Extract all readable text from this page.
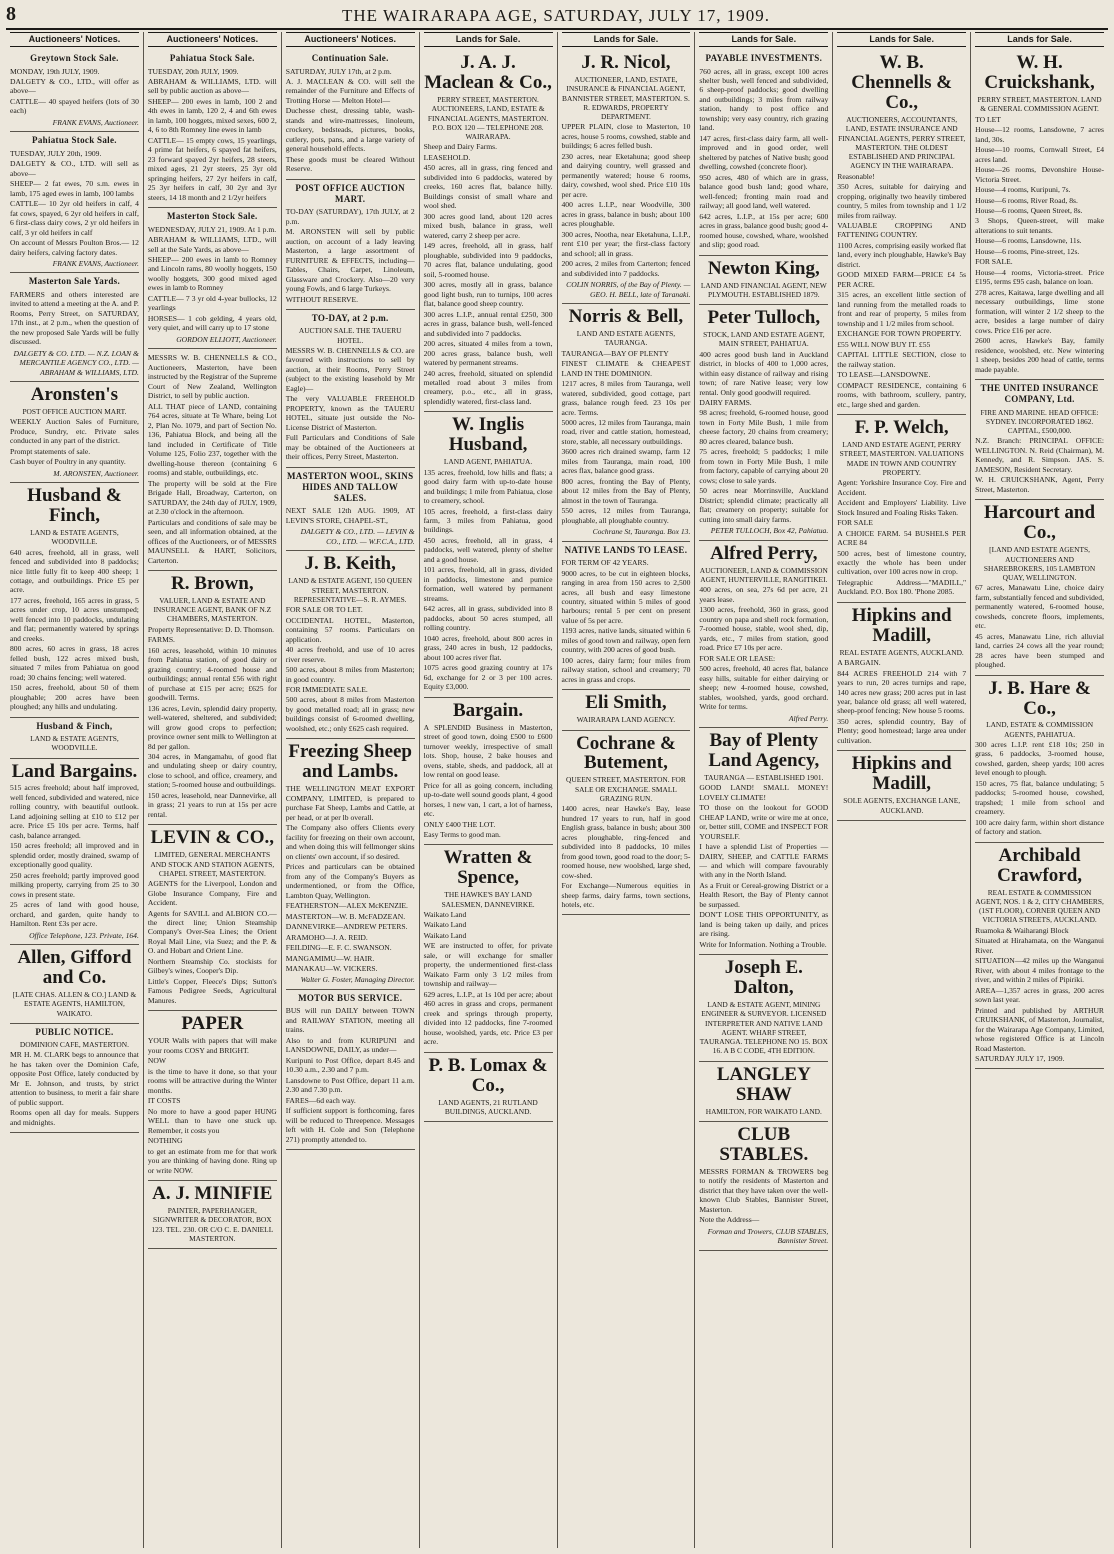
8	THE WAIRARAPA AGE, SATURDAY, JULY 17, 1909.
Auctioneers' Notices.
Greytown Stock Sale.

MONDAY, 19th JULY, 1909.

DALGETY & CO., LTD., will offer as above—

CATTLE— 40 spayed heifers (lots of 30 each)

FRANK EVANS, Auctioneer.
Pahiatua Stock Sale.

TUESDAY, JULY 20th, 1909.

DALGETY & CO., LTD. will sell as above—

SHEEP— 2 fat ewes, 70 s.m. ewes in lamb, 175 aged ewes in lamb, 100 lambs

CATTLE— 10 2yr old heifers in calf, 4 fat cows, spayed, 6 2yr old heifers in calf, 6 first-class dairy cows, 2 yr old heifers in calf, 3 yr old heifers in calf

On account of Messrs Poulton Bros.— 12 dairy heifers, calving factory dates.

FRANK EVANS, Auctioneer.
Masterton Sale Yards.

FARMERS and others interested are invited to attend a meeting at the A. and P. Rooms, Perry Street, on SATURDAY, 17th inst., at 2 p.m., when the question of the new proposed Sale Yards will be fully discussed.

DALGETY & CO. LTD. — N.Z. LOAN & MERCANTILE AGENCY CO., LTD. — ABRAHAM & WILLIAMS, LTD.
Aronsten's
POST OFFICE AUCTION MART.

WEEKLY Auction Sales of Furniture, Produce, Sundry, etc. Private sales conducted in any part of the district.

Prompt statements of sale.

Cash buyer of Poultry in any quantity.

M. ARONSTEN, Auctioneer.
Husband & Finch,
LAND & ESTATE AGENTS, WOODVILLE.

640 acres, freehold, all in grass, well fenced and subdivided into 8 paddocks; nice little fully fit to keep 400 sheep; 1 cottage, and outbuildings. Price £5 per acre.

177 acres, freehold, 165 acres in grass, 5 acres under crop, 10 acres unstumped; well fenced into 10 paddocks, undulating and flat; permanently watered by springs and creeks.

800 acres, 60 acres in grass, 18 acres felled bush, 122 acres mixed bush, situated 7 miles from Pahiatua on good road; 30 chains fencing; well watered.

150 acres, freehold, about 50 of them ploughable; 200 acres have been ploughed; any hills and undulating.

Husband & Finch,
LAND & ESTATE AGENTS, WOODVILLE.
Land Bargains.

515 acres freehold; about half improved, well fenced, subdivided and watered, nice rolling country, with beautiful outlook. Land adjoining selling at £10 to £12 per acre. Price £5 10s per acre. Terms, half cash, balance arranged.

150 acres freehold; all improved and in splendid order, mostly drained, swamp of exceptionally good quality.

250 acres freehold; partly improved good milking property, carrying from 25 to 30 cows in present state.

25 acres of land with good house, orchard, and garden, quite handy to Hamilton. Rent £3s per acre.

Office Telephone, 123. Private, 164.
Allen, Gifford and Co.
[LATE CHAS. ALLEN & CO.] LAND & ESTATE AGENTS, HAMILTON, WAIKATO.
PUBLIC NOTICE.
DOMINION CAFE, MASTERTON.

MR H. M. CLARK begs to announce that he has taken over the Dominion Cafe, opposite Post Office, lately conducted by Mr E. Johnson, and trusts, by strict attention to business, to merit a fair share of public support.

Rooms open all day for meals. Suppers and midnights.

Auctioneers' Notices.
Pahiatua Stock Sale.

TUESDAY, 20th JULY, 1909.

ABRAHAM & WILLIAMS, LTD. will sell by public auction as above—

SHEEP— 200 ewes in lamb, 100 2 and 4th ewes in lamb, 120 2, 4 and 6th ewes in lamb, 100 hoggets, mixed sexes, 600 2, 4, 6 to 8th Romney line ewes in lamb

CATTLE— 15 empty cows, 15 yearlings, 4 prime fat heifers, 6 spayed fat heifers, 23 forward spayed 2yr heifers, 28 steers, mixed ages, 21 2yr steers, 25 3yr old springing heifers, 27 2yr heifers in calf, 25 3yr heifers in calf, 30 2yr and 3yr steers, 14 18 month and 2 1/2yr heifers

Masterton Stock Sale.

WEDNESDAY, JULY 21, 1909. At 1 p.m.

ABRAHAM & WILLIAMS, LTD., will sell at the Sale Yards, as above—

SHEEP— 200 ewes in lamb to Romney and Lincoln rams, 80 woolly hoggets, 150 woolly hoggets, 300 good mixed aged ewes in lamb to Romney

CATTLE— 7 3 yr old 4-year bullocks, 12 yearlings

HORSES— 1 cob gelding, 4 years old, very quiet, and will carry up to 17 stone

GORDON ELLIOTT, Auctioneer.

MESSRS W. B. CHENNELLS & CO., Auctioneers, Masterton, have been instructed by the Registrar of the Supreme Court of New Zealand, Wellington District, to sell by public auction.

ALL THAT piece of LAND, containing 764 acres, situate at Te Whare, being Lot 2, Plan No. 1079, and part of Section No. 136, Pahiatua Block, and being all the land included in Certificate of Title Volume 125, Folio 237, together with the dwelling-house thereon (containing 6 rooms) and stable, outbuildings, etc.

The property will be sold at the Fire Brigade Hall, Broadway, Carterton, on SATURDAY, the 24th day of JULY, 1909, at 2.30 o'clock in the afternoon.

Particulars and conditions of sale may be seen, and all information obtained, at the offices of the Auctioneers, or of MESSRS MAUNSELL & HART, Solicitors, Carterton.

R. Brown,
VALUER, LAND & ESTATE AND INSURANCE AGENT, BANK OF N.Z CHAMBERS, MASTERTON.

Property Representative: D. D. Thomson.

FARMS.

160 acres, leasehold, within 10 minutes from Pahiatua station, of good dairy or grazing country; 4-roomed house and outbuildings; annual rental £56 with right of purchase at £15 per acre; £625 for goodwill. Terms.

136 acres, Levin, splendid dairy property, well-watered, sheltered, and subdivided; will grow good crops to perfection; province owner sent milk to Wellington at 8d per gallon.

304 acres, in Mangamahu, of good flat and undulating sheep or dairy country, close to school, and office, creamery, and station; 5-roomed house and outbuildings.

150 acres, leasehold, near Dannevirke, all in grass; 21 years to run at 15s per acre rental.

LEVIN & CO.,
LIMITED, GENERAL MERCHANTS AND STOCK AND STATION AGENTS, CHAPEL STREET, MASTERTON.

AGENTS for the Liverpool, London and Globe Insurance Company, Fire and Accident.

Agents for SAVILL and ALBION CO.—the direct line; Union Steamship Company's Over-Sea Lines; the Orient Royal Mail Line, via Suez; and the P. & O. and Hobart and Orient Line.

Northern Steamship Co. stockists for Gilbey's wines, Cooper's Dip.

Little's Copper, Fleece's Dips; Sutton's Famous Pedigree Seeds, Agricultural Manures.

PAPER

YOUR Walls with papers that will make your rooms COSY and BRIGHT.

NOW

is the time to have it done, so that your rooms will be attractive during the Winter months.

IT COSTS

No more to have a good paper HUNG WELL than to have one stuck up. Remember, it costs you

NOTHING

to get an estimate from me for that work you are thinking of having done. Ring up or write NOW.

A. J. MINIFIE
PAINTER, PAPERHANGER, SIGNWRITER & DECORATOR, BOX 123. TEL. 230. OR C/O C. E. DANIELL MASTERTON.
Auctioneers' Notices.
Continuation Sale.

SATURDAY, JULY 17th, at 2 p.m.

A. J. MACLEAN & CO. will sell the remainder of the Furniture and Effects of Trotting Horse — Melton Hotel—

Duchesse chest, dressing table, wash-stands and wire-mattresses, linoleum, crockery, bedsteads, pictures, books, cutlery, pots, pans, and a large variety of general household effects.

These goods must be cleared Without Reserve.

POST OFFICE AUCTION MART.

TO-DAY (SATURDAY), 17th JULY, at 2 p.m.

M. ARONSTEN will sell by public auction, on account of a lady leaving Masterton, a large assortment of FURNITURE & EFFECTS, including— Tables, Chairs, Carpet, Linoleum, Glassware and Crockery. Also—20 very young Fowls, and 6 large Turkeys.

WITHOUT RESERVE.

TO-DAY, at 2 p.m.
AUCTION SALE. THE TAUERU HOTEL.

MESSRS W. B. CHENNELLS & CO. are favoured with instructions to sell by auction, at their Rooms, Perry Street (subject to the existing leasehold by Mr Eagle)—

The very VALUABLE FREEHOLD PROPERTY, known as the TAUERU HOTEL, situate just outside the No-License District of Masterton.

Full Particulars and Conditions of Sale may be obtained of the Auctioneers at their offices, Perry Street, Masterton.

MASTERTON WOOL, SKINS HIDES AND TALLOW SALES.

NEXT SALE 12th AUG. 1909, AT LEVIN'S STORE, CHAPEL-ST.,

DALGETY & CO., LTD. — LEVIN & CO., LTD. — W.F.C.A., LTD.
J. B. Keith,
LAND & ESTATE AGENT, 150 QUEEN STREET, MASTERTON. REPRESENTATIVE—S. R. AYMES.

FOR SALE OR TO LET.

OCCIDENTAL HOTEL, Masterton, containing 57 rooms. Particulars on application.

40 acres freehold, and use of 10 acres river reserve.

500 acres, about 8 miles from Masterton; in good country.

FOR IMMEDIATE SALE.

500 acres, about 8 miles from Masterton by good metalled road; all in grass; new buildings consist of 6-roomed dwelling, woolshed, etc.; only £625 cash required.

Freezing Sheep and Lambs.

THE WELLINGTON MEAT EXPORT COMPANY, LIMITED, is prepared to purchase Fat Sheep, Lambs and Cattle, at per head, or at per lb overall.

The Company also offers Clients every facility for freezing on their own account, and when doing this will fellmonger skins on clients' own account, if so desired.

Prices and particulars can be obtained from any of the Company's Buyers as undermentioned, or from the Office, Lambton Quay, Wellington.

FEATHERSTON—ALEX McKENZIE.

MASTERTON—W. B. McFADZEAN.

DANNEVIRKE—ANDREW PETERS.

ARAMOHO—J. A. REID.

FEILDING—E. F. C. SWANSON.

MANGAMIMU—W. HAIR.

MANAKAU—W. VICKERS.

Walter G. Foster, Managing Director.
MOTOR BUS SERVICE.

BUS will run DAILY between TOWN and RAILWAY STATION, meeting all trains.

Also to and from KURIPUNI and LANSDOWNE, DAILY, as under—

Kuripuni to Post Office, depart 8.45 and 10.30 a.m., 2.30 and 7 p.m.

Lansdowne to Post Office, depart 11 a.m. 2.30 and 7.30 p.m.

FARES—6d each way.

If sufficient support is forthcoming, fares will be reduced to Threepence. Messages left with H. Cole and Son (Telephone 271) promptly attended to.

Lands for Sale.
J. A. J. Maclean & Co.,
PERRY STREET, MASTERTON. AUCTIONEERS, LAND, ESTATE & FINANCIAL AGENTS, MASTERTON. P.O. BOX 120 — TELEPHONE 208. WAIRARAPA.

Sheep and Dairy Farms.

LEASEHOLD.

450 acres, all in grass, ring fenced and subdivided into 6 paddocks, watered by creeks, 160 acres flat, balance hilly. Buildings consist of small whare and wool shed.

300 acres good land, about 120 acres mixed bush, balance in grass, well watered, carry 2 sheep per acre.

149 acres, freehold, all in grass, half ploughable, subdivided into 9 paddocks, 70 acres flat, balance undulating, good soil, 5-roomed house.

300 acres, mostly all in grass, balance good light bush, run to turnips, 100 acres flat, balance good sheep country.

300 acres L.I.P., annual rental £250, 300 acres in grass, balance bush, well-fenced and subdivided into 7 paddocks.

200 acres, situated 4 miles from a town, 200 acres grass, balance bush, well watered by permanent streams.

240 acres, freehold, situated on splendid metalled road about 3 miles from creamery, p.o., etc., all in grass, splendidly watered, first-class land.

W. Inglis Husband,
LAND AGENT, PAHIATUA.

135 acres, freehold, low hills and flats; a good dairy farm with up-to-date house and buildings; 1 mile from Pahiatua, close to creamery, school.

105 acres, freehold, a first-class dairy farm, 3 miles from Pahiatua, good buildings.

450 acres, freehold, all in grass, 4 paddocks, well watered, plenty of shelter and a good house.

101 acres, freehold, all in grass, divided in paddocks, limestone and pumice formation, well watered by permanent streams.

642 acres, all in grass, subdivided into 8 paddocks, about 50 acres stumped, all rolling country.

1040 acres, freehold, about 800 acres in grass, 240 acres in bush, 12 paddocks, about 100 acres river flat.

1075 acres good grazing country at 17s 6d, exchange for 2 or 3 per 100 acres. Equity £3,000.

Bargain.

A SPLENDID Business in Masterton, street of good town, doing £500 to £600 turnover weekly, irrespective of small lots. Shop, house, 2 bake houses and ovens, stable, sheds, and paddock, all at low rental on good lease.

Price for all as going concern, including up-to-date well sound goods plant, 4 good horses, 1 new van, 1 cart, a lot of harness, etc.

ONLY £400 THE LOT.

Easy Terms to good man.

Wratten & Spence,
THE HAWKE'S BAY LAND SALESMEN, DANNEVIRKE.

Waikato Land

Waikato Land

Waikato Land

WE are instructed to offer, for private sale, or will exchange for smaller property, the undermentioned first-class Waikato Farm only 3 1/2 miles from township and railway—

629 acres, L.I.P., at 1s 10d per acre; about 460 acres in grass and crops, permanent creek and springs through property, divided into 12 paddocks, fine 7-roomed house, woolshed, yards, etc. Price £3 per acre.

P. B. Lomax & Co.,
LAND AGENTS, 21 RUTLAND BUILDINGS, AUCKLAND.
Lands for Sale.
J. R. Nicol,
AUCTIONEER, LAND, ESTATE, INSURANCE & FINANCIAL AGENT, BANNISTER STREET, MASTERTON. S. R. EDWARDS, PROPERTY DEPARTMENT.

UPPER PLAIN, close to Masterton, 10 acres, house 5 rooms, cowshed, stable and buildings; 6 acres felled bush.

230 acres, near Eketahuna; good sheep and dairying country, well grassed and permanently watered; house 6 rooms, dairy, cowshed, wool shed. Price £10 10s per acre.

400 acres L.I.P., near Woodville, 300 acres in grass, balance in bush; about 100 acres ploughable.

300 acres, Nootha, near Eketahuna, L.I.P., rent £10 per year; the first-class factory and school; all in grass.

200 acres, 2 miles from Carterton; fenced and subdivided into 7 paddocks.

COLIN NORRIS, of the Bay of Plenty. — GEO. H. BELL, late of Taranaki.
Norris & Bell,
LAND AND ESTATE AGENTS, TAURANGA.

TAURANGA—BAY OF PLENTY

FINEST CLIMATE & CHEAPEST LAND IN THE DOMINION.

1217 acres, 8 miles from Tauranga, well watered, subdivided, good cottage, part grass, balance rough feed. 23 10s per acre. Terms.

5000 acres, 12 miles from Tauranga, main road, river and cattle station, homestead, store, stable, all necessary outbuildings.

3600 acres rich drained swamp, farm 12 miles from Tauranga, main road, 100 acres flax, balance good grass.

800 acres, fronting the Bay of Plenty, about 12 miles from the Bay of Plenty, almost in the town of Tauranga.

550 acres, 12 miles from Tauranga, ploughable, all ploughable country.

Cochrane St, Tauranga. Box 13.
NATIVE LANDS TO LEASE.

FOR TERM OF 42 YEARS.

9000 acres, to be cut in eighteen blocks, ranging in area from 150 acres to 2,500 acres, all bush and easy limestone country, situated within 5 miles of good harbours; rental 5 per cent on present value of 5s per acre.

1193 acres, native lands, situated within 6 miles of good town and railway, open fern country, with 200 acres of good bush.

100 acres, dairy farm; four miles from railway station, school and creamery; 70 acres in grass and crops.

Eli Smith,
WAIRARAPA LAND AGENCY.
Cochrane & Butement,
QUEEN STREET, MASTERTON. FOR SALE OR EXCHANGE. SMALL GRAZING RUN.

1400 acres, near Hawke's Bay, lease hundred 17 years to run, half in good English grass, balance in bush; about 300 acres ploughable, ring-fenced and subdivided into 8 paddocks, 10 miles from good town, good road to the door; 5-roomed house, new woolshed, large shed, cow-shed.

For Exchange—Numerous equities in sheep farms, dairy farms, town sections, hotels, etc.

Lands for Sale.
PAYABLE INVESTMENTS.

760 acres, all in grass, except 100 acres shelter bush, well fenced and subdivided, 6 sheep-proof paddocks; good dwelling and outbuildings; 3 miles from railway station, handy to post office and township; very easy country, rich grazing land.

147 acres, first-class dairy farm, all well-improved and in good order, well sheltered by patches of Native bush; good dwelling, cowshed (concrete floor).

950 acres, 480 of which are in grass, balance good bush land; good whare, well-fenced; fronting main road and railway; all good land, well watered.

642 acres, L.I.P., at 15s per acre; 600 acres in grass, balance good bush; good 4-roomed house, cowshed, whare, woolshed and slip; good road.

Newton King,
LAND AND FINANCIAL AGENT, NEW PLYMOUTH. ESTABLISHED 1879.
Peter Tulloch,
STOCK, LAND AND ESTATE AGENT, MAIN STREET, PAHIATUA.

400 acres good bush land in Auckland district, in blocks of 400 to 1,000 acres, within easy distance of railway and rising town; of rare Native lease; very low rental. Only good goodwill required.

DAIRY FARMS.

98 acres; freehold, 6-roomed house, good town in Forty Mile Bush, 1 mile from cheese factory, 20 chains from creamery; 80 acres cleared, balance bush.

75 acres, freehold; 5 paddocks; 1 mile from town in Forty Mile Bush, 1 mile from factory, capable of carrying about 20 cows; close to sale yards.

50 acres near Morrinsville, Auckland District; splendid climate; practically all flat; creamery on property; suitable for cutting into small dairy farms.

PETER TULLOCH, Box 42, Pahiatua.
Alfred Perry,
AUCTIONEER, LAND & COMMISSION AGENT, HUNTERVILLE, RANGITIKEI.

400 acres, on sea, 27s 6d per acre, 21 years lease.

1300 acres, freehold, 360 in grass, good country on papa and shell rock formation, 7-roomed house, stable, wool shed, dip, yards, etc., 7 miles from station, good road. Price £7 10s per acre.

FOR SALE OR LEASE:

500 acres, freehold, 40 acres flat, balance easy hills, suitable for either dairying or sheep; new 4-roomed house, cowshed, stables, woolshed, yards, good orchard. Write for terms.

Alfred Perry.
Bay of Plenty Land Agency,
TAURANGA — ESTABLISHED 1901.

GOOD LAND! SMALL MONEY! LOVELY CLIMATE!

TO those on the lookout for GOOD CHEAP LAND, write or wire me at once, or, better still, COME and INSPECT FOR YOURSELF.

I have a splendid List of Properties — DAIRY, SHEEP, and CATTLE FARMS — and which will compare favourably with any in the North Island.

As a Fruit or Cereal-growing District or a Health Resort, the Bay of Plenty cannot be surpassed.

DON'T LOSE THIS OPPORTUNITY, as land is being taken up daily, and prices are rising.

Write for Information. Nothing a Trouble.

Joseph E. Dalton,
LAND & ESTATE AGENT, MINING ENGINEER & SURVEYOR. LICENSED INTERPRETER AND NATIVE LAND AGENT. WHARF STREET, TAURANGA. TELEPHONE NO 15. BOX 16. A B C CODE, 4TH EDITION.
LANGLEY SHAW
HAMILTON, FOR WAIKATO LAND.
CLUB STABLES.

MESSRS FORMAN & TROWERS beg to notify the residents of Masterton and district that they have taken over the well-known Club Stables, Bannister Street, Masterton.

Note the Address—

Forman and Trowers, CLUB STABLES, Bannister Street.
Lands for Sale.
W. B. Chennells & Co.,
AUCTIONEERS, ACCOUNTANTS, LAND, ESTATE INSURANCE AND FINANCIAL AGENTS, PERRY STREET, MASTERTON. THE OLDEST ESTABLISHED AND PRINCIPAL AGENCY IN THE WAIRARAPA.

Reasonable!

350 Acres, suitable for dairying and cropping, originally two heavily timbered country, 5 miles from township and 1 1/2 miles from railway.

VALUABLE CROPPING AND FATTENING COUNTRY.

1100 Acres, comprising easily worked flat land, every inch ploughable, Hawke's Bay district.

GOOD MIXED FARM—PRICE £4 5s PER ACRE.

315 acres, an excellent little section of land running from the metalled roads to front and rear of property, 5 miles from township and 1 1/2 miles from school.

EXCHANGE FOR TOWN PROPERTY.

£55 WILL NOW BUY IT. £55

CAPITAL LITTLE SECTION, close to the railway station.

TO LEASE—LANSDOWNE.

COMPACT RESIDENCE, containing 6 rooms, with bathroom, scullery, pantry, etc., large shed and garden.

F. P. Welch,
LAND AND ESTATE AGENT, PERRY STREET, MASTERTON. VALUATIONS MADE IN TOWN AND COUNTRY PROPERTY.

Agent: Yorkshire Insurance Coy. Fire and Accident.

Accident and Employers' Liability. Live Stock Insured and Foaling Risks Taken.

FOR SALE

A CHOICE FARM. 54 BUSHELS PER ACRE 84

500 acres, best of limestone country, exactly the whole has been under cultivation, over 100 acres now in crop.

Telegraphic Address—"MADILL," Auckland. P.O. Box 180. 'Phone 2085.

Hipkins and Madill,
REAL ESTATE AGENTS, AUCKLAND.

A BARGAIN.

844 ACRES FREEHOLD 214 with 7 years to run, 20 acres turnips and rape, 140 acres new grass; 200 acres put in last year, balance old grass; all well watered, sheep-proof fencing; New house 5 rooms.

350 acres, splendid country, Bay of Plenty; good homestead; large area under cultivation.

Hipkins and Madill,
SOLE AGENTS, EXCHANGE LANE, AUCKLAND.
Lands for Sale.
W. H. Cruickshank,
PERRY STREET, MASTERTON. LAND & GENERAL COMMISSION AGENT.

TO LET

House—12 rooms, Lansdowne, 7 acres land, 30s.

House—10 rooms, Cornwall Street, £4 acres land.

House—26 rooms, Devonshire House-Victoria Street.

House—4 rooms, Kuripuni, 7s.

House—6 rooms, River Road, 8s.

House—6 rooms, Queen Street, 8s.

3 Shops, Queen-street, will make alterations to suit tenants.

House—6 rooms, Lansdowne, 11s.

House—6 rooms, Pine-street, 12s.

FOR SALE.

House—4 rooms, Victoria-street. Price £195, terms £95 cash, balance on loan.

278 acres, Kaitawa, large dwelling and all necessary outbuildings, lime stone formation, will winter 2 1/2 sheep to the acre, besides a large number of dairy cows. Price £16 per acre.

2600 acres, Hawke's Bay, family residence, woolshed, etc. New wintering 1 sheep, besides 200 head of cattle, terms made payable.

THE UNITED INSURANCE COMPANY, Ltd.
FIRE AND MARINE. HEAD OFFICE: SYDNEY. INCORPORATED 1862. CAPITAL, £500,000.

N.Z. Branch: PRINCIPAL OFFICE: WELLINGTON. N. Reid (Chairman), M. Kennedy, and R. Simpson. JAS. S. JAMESON, Resident Secretary.

W. H. CRUICKSHANK, Agent, Perry Street, Masterton.

Harcourt and Co.,
[LAND AND ESTATE AGENTS, AUCTIONEERS AND SHAREBROKERS, 105 LAMBTON QUAY, WELLINGTON.

67 acres, Manawatu Line, choice dairy farm, substantially fenced and subdivided, permanently watered, 6-roomed house, cowsheds, concrete floors, implements, etc.

45 acres, Manawatu Line, rich alluvial land, carries 24 cows all the year round; 28 acres have been stumped and ploughed.

J. B. Hare & Co.,
LAND, ESTATE & COMMISSION AGENTS, PAHIATUA.

300 acres L.I.P. rent £18 10s; 250 in grass, 6 paddocks, 3-roomed house, cowshed, garden, sheep yards; 100 acres level enough to plough.

150 acres, 75 flat, balance undulating; 5 paddocks; 5-roomed house, cowshed, trapshed; 1 mile from school and creamery.

100 acre dairy farm, within short distance of factory and station.

Archibald Crawford,
REAL ESTATE & COMMISSION AGENT, NOS. 1 & 2, CITY CHAMBERS, (1ST FLOOR), CORNER QUEEN AND VICTORIA STREETS, AUCKLAND.

Ruamoka & Waiharangi Block

Situated at Hirahamata, on the Wanganui River.

SITUATION—42 miles up the Wanganui River, with about 4 miles frontage to the river, and within 2 miles of Pipiriki.

AREA—1,357 acres in grass, 200 acres sown last year.

Printed and published by ARTHUR CRUIKSHANK, of Masterton, Journalist, for the Wairarapa Age Company, Limited, whose registered Office is at Lincoln Road Masterton.

SATURDAY JULY 17, 1909.
